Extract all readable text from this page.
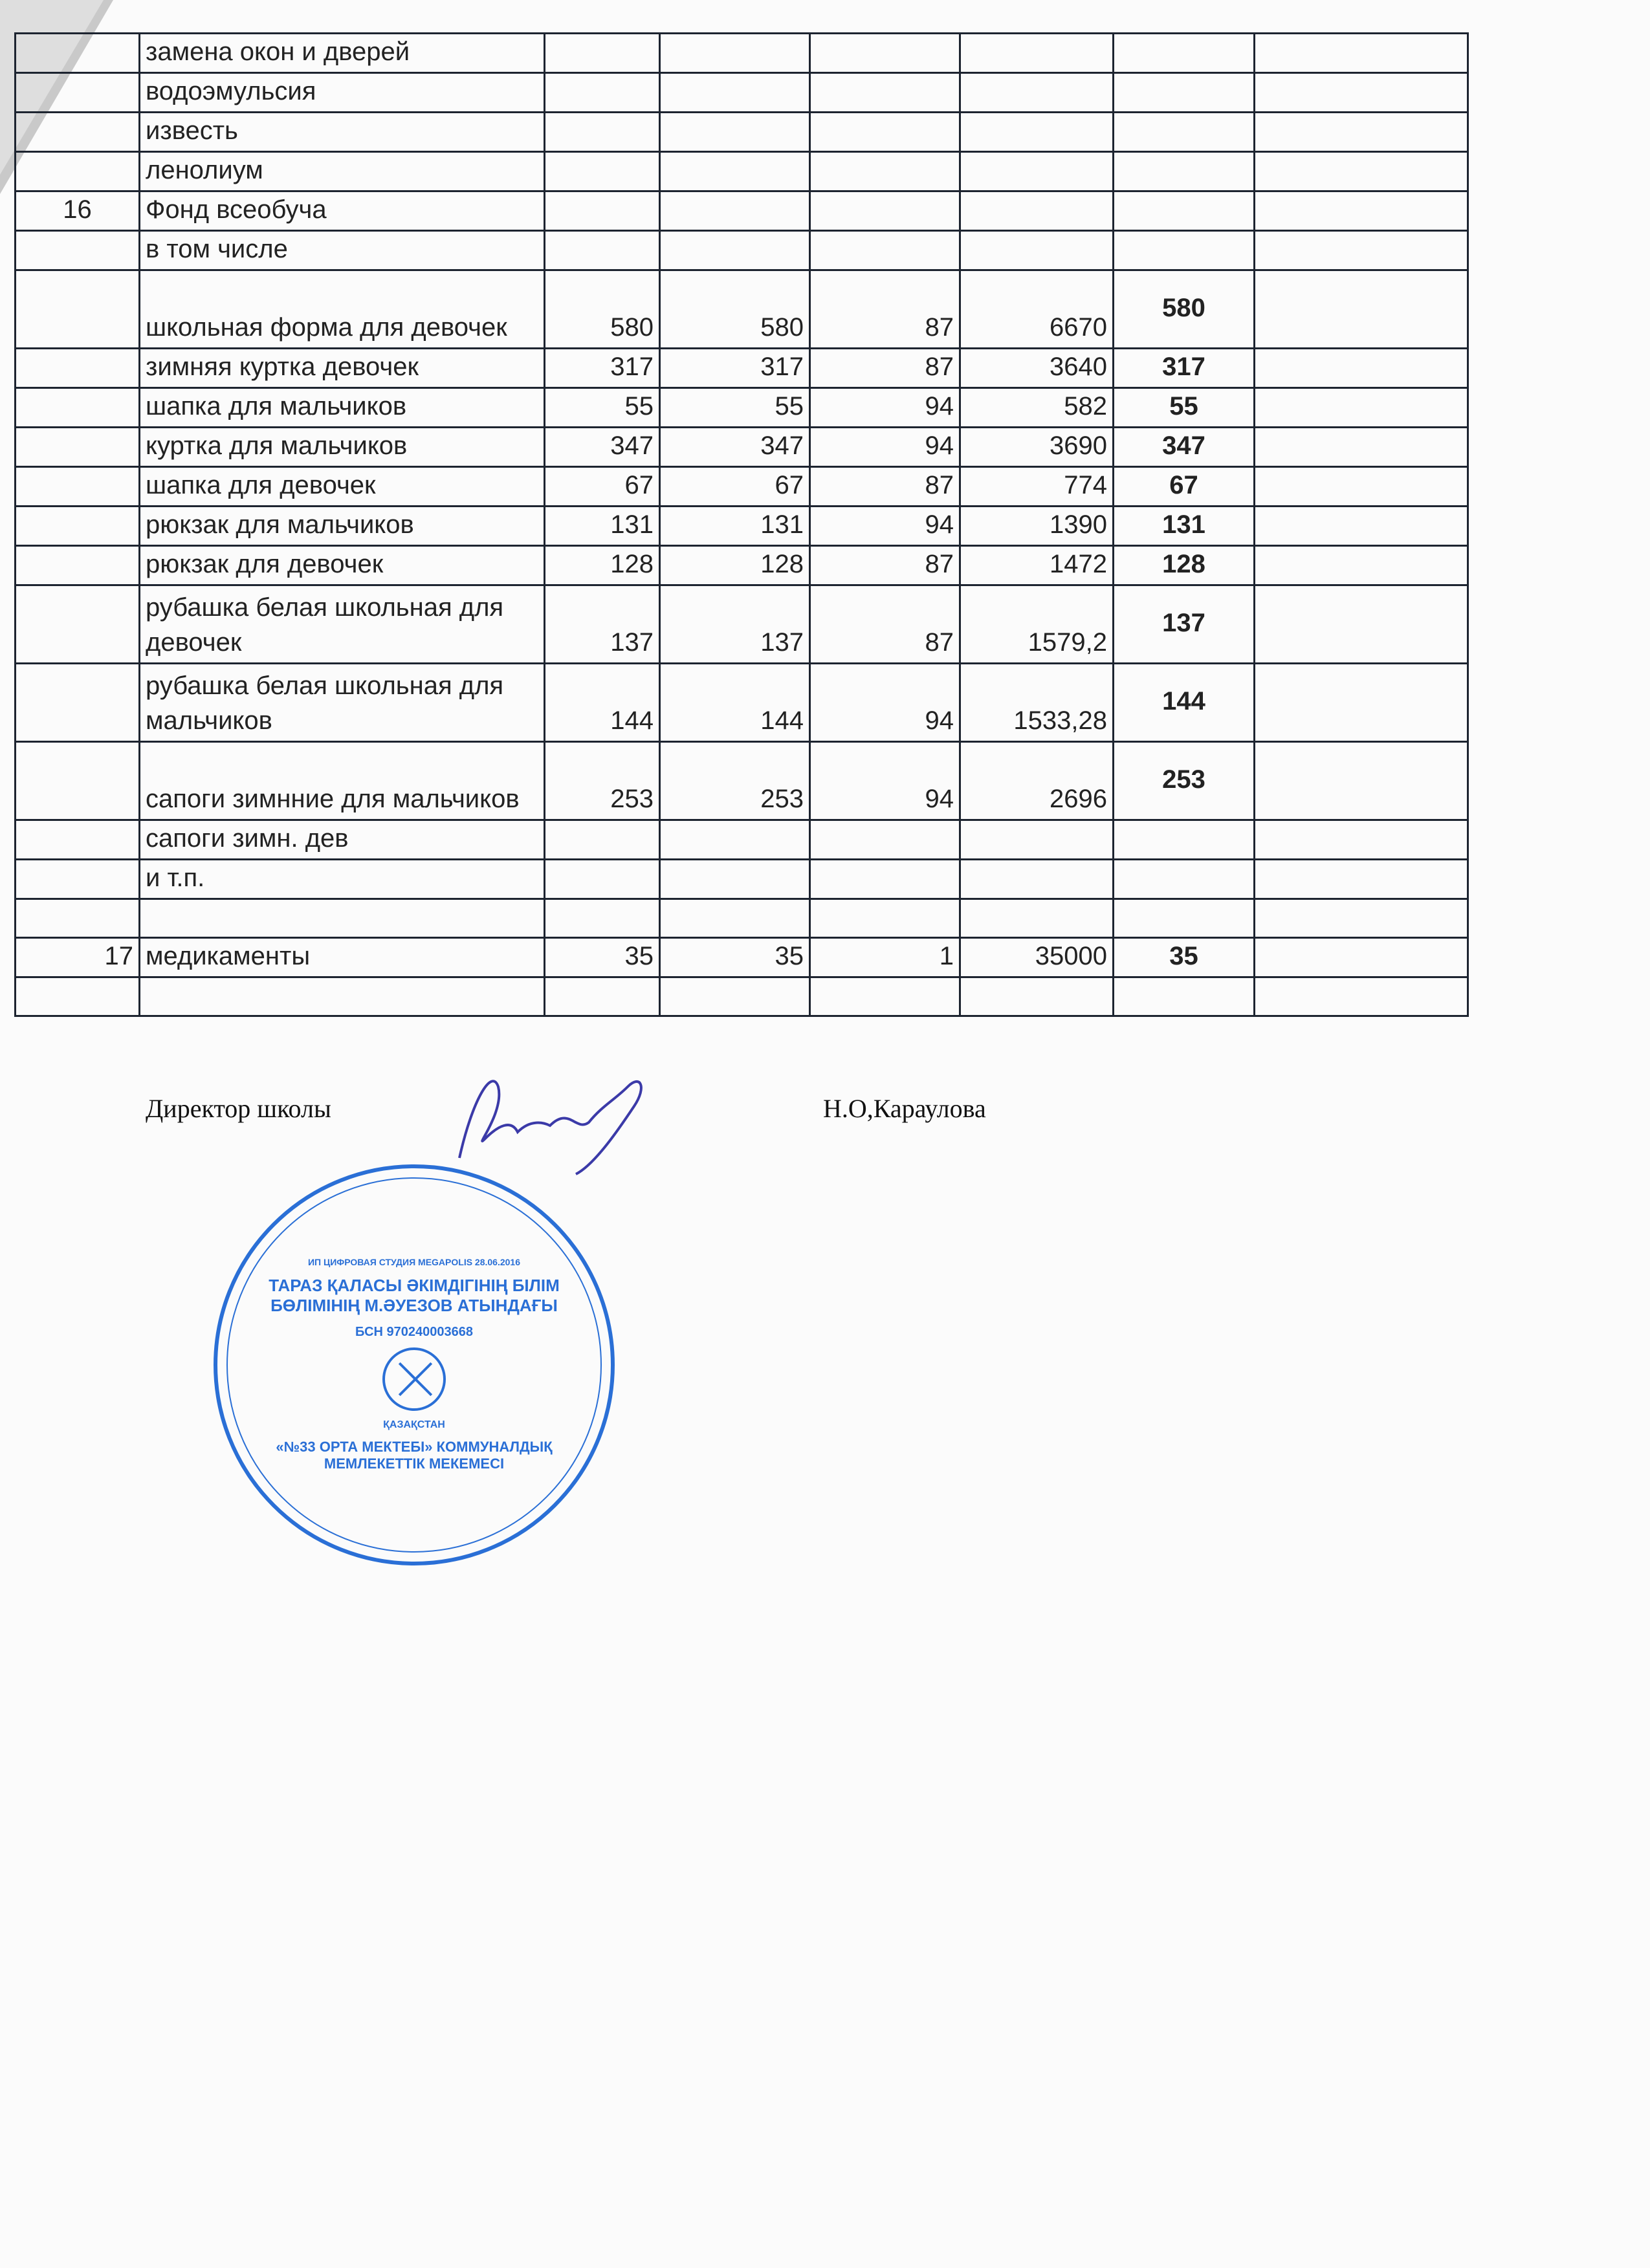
	замена окон и дверей						
	водоэмульсия						
	известь						
	ленолиум						
16	Фонд всеобуча						
	в том числе						
	школьная форма для девочек	580	580	87	6670	580	
	зимняя куртка девочек	317	317	87	3640	317	
	шапка для мальчиков	55	55	94	582	55	
	куртка для мальчиков	347	347	94	3690	347	
	шапка для девочек	67	67	87	774	67	
	рюкзак для мальчиков	131	131	94	1390	131	
	рюкзак для девочек	128	128	87	1472	128	
	рубашка белая школьная для девочек	137	137	87	1579,2	137	
	рубашка белая школьная для мальчиков	144	144	94	1533,28	144	
	сапоги зимнние для мальчиков	253	253	94	2696	253	
	сапоги зимн. дев						
	и т.п.						

17	медикаменты	35	35	1	35000	35	

Директор школы	Н.О,Караулова
ИП ЦИФРОВАЯ СТУДИЯ MEGAPOLIS 28.06.2016
ТАРАЗ ҚАЛАСЫ ӘКІМДІГІНІҢ БІЛІМ БӨЛІМІНІҢ М.ӘУЕЗОВ АТЫНДАҒЫ
БСН 970240003668
ҚАЗАҚСТАН
«№33 ОРТА МЕКТЕБІ» КОММУНАЛДЫҚ МЕМЛЕКЕТТІК МЕКЕМЕСІ
